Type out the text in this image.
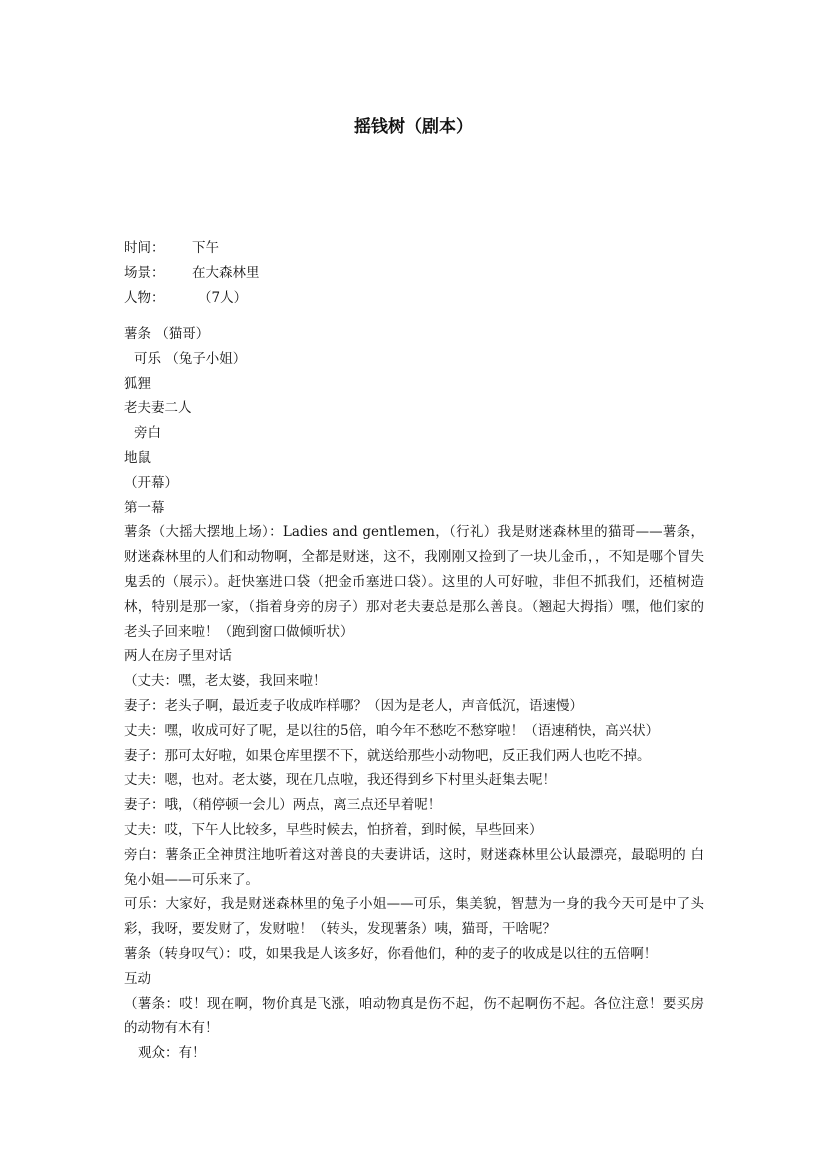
摇钱树（剧本）
时间： 下午
场景： 在大森林里
人物： （7人）

薯条 （猫哥）

可乐 （兔子小姐）

狐狸

老夫妻二人

旁白

地鼠

（开幕）

第一幕

薯条（大摇大摆地上场）：Ladies and gentlemen，（行礼）我是财迷森林里的猫哥——薯条，财迷森林里的人们和动物啊，全都是财迷，这不，我刚刚又捡到了一块儿金币，，不知是哪个冒失鬼丢的（展示）。赶快塞进口袋（把金币塞进口袋）。这里的人可好啦，非但不抓我们，还植树造林，特别是那一家，（指着身旁的房子）那对老夫妻总是那么善良。（翘起大拇指）嘿，他们家的老头子回来啦！（跑到窗口做倾听状）

两人在房子里对话

（丈夫：嘿，老太婆，我回来啦！

妻子：老头子啊，最近麦子收成咋样哪？（因为是老人，声音低沉，语速慢）

丈夫：嘿，收成可好了呢，是以往的5倍，咱今年不愁吃不愁穿啦！（语速稍快，高兴状）

妻子：那可太好啦，如果仓库里摆不下，就送给那些小动物吧，反正我们两人也吃不掉。

丈夫：嗯，也对。老太婆，现在几点啦，我还得到乡下村里头赶集去呢！

妻子：哦，（稍停顿一会儿）两点，离三点还早着呢！

丈夫：哎，下午人比较多，早些时候去，怕挤着，到时候，早些回来）

旁白：薯条正全神贯注地听着这对善良的夫妻讲话，这时，财迷森林里公认最漂亮，最聪明的 白兔小姐——可乐来了。

可乐：大家好，我是财迷森林里的兔子小姐——可乐，集美貌，智慧为一身的我今天可是中了头彩，我呀，要发财了，发财啦！（转头，发现薯条）咦，猫哥，干啥呢？

薯条（转身叹气）：哎，如果我是人该多好，你看他们，种的麦子的收成是以往的五倍啊！

互动

（薯条：哎！现在啊，物价真是飞涨，咱动物真是伤不起，伤不起啊伤不起。各位注意！要买房的动物有木有！

观众：有！
